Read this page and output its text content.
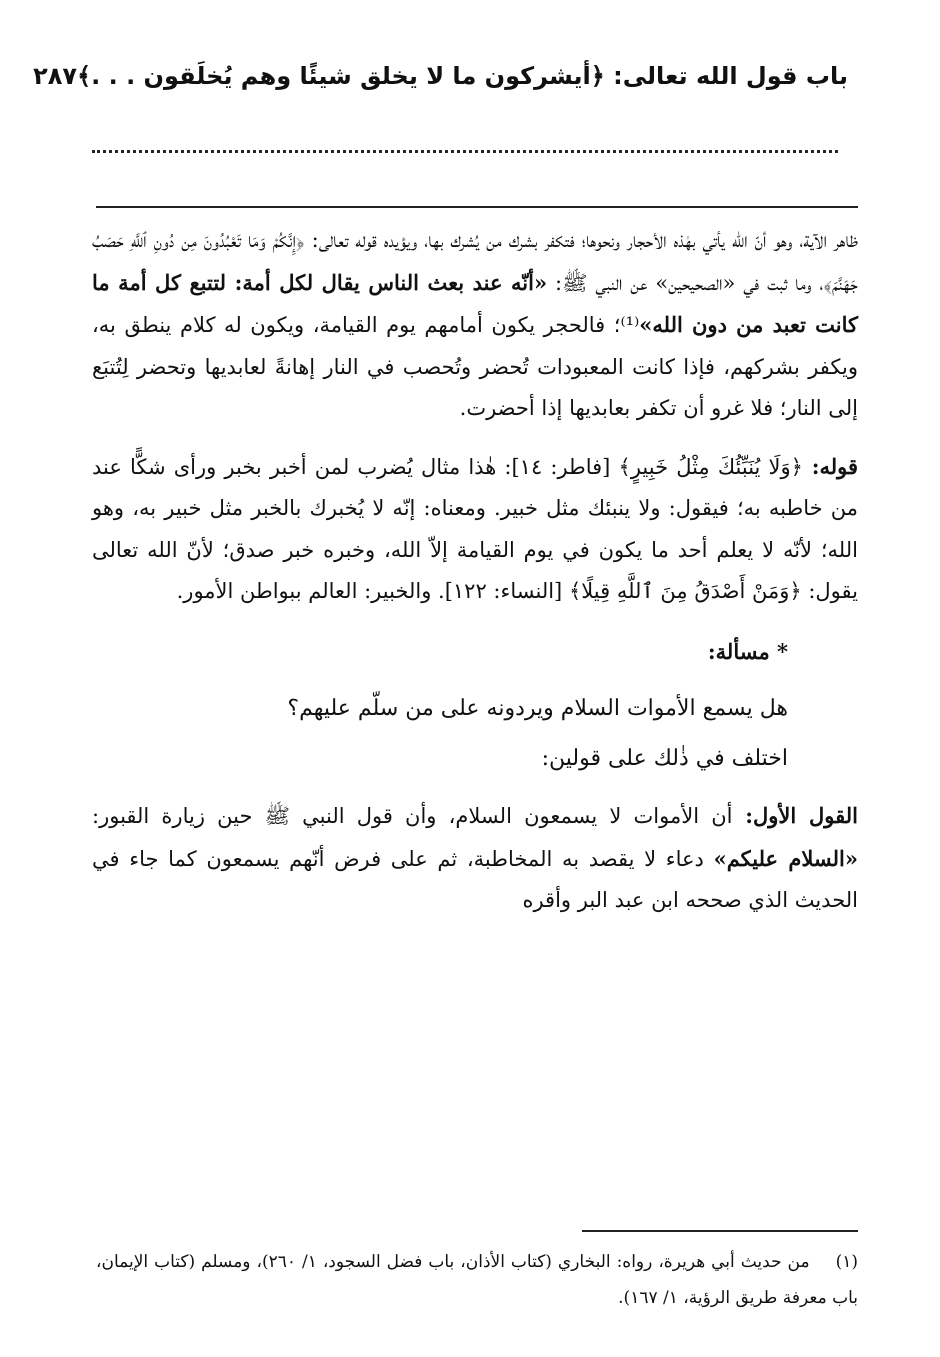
باب قول الله تعالى: ﴿أيشركون ما لا يخلق شيئًا وهم يُخلَقون . . .﴾
٢٨٧

ظاهر الآية، وهو أنّ الله يأتي بهٰذه الأحجار ونحوها؛ فتكفر بشرك من يُشرك بها، ويؤيده قوله تعالى: ﴿إِنَّكُمْ وَمَا تَعْبُدُونَ مِن دُونِ ٱللَّهِ حَصَبُ جَهَنَّمَ﴾، وما ثبت في «الصحيحين» عن النبي ﷺ: «أنّه عند بعث الناس يقال لكل أمة: لتتبع كل أمة ما كانت تعبد من دون الله»⁽¹⁾؛ فالحجر يكون أمامهم يوم القيامة، ويكون له كلام ينطق به، ويكفر بشركهم، فإذا كانت المعبودات تُحضر وتُحصب في النار إهانةً لعابديها وتحضر لِتُتبَع إلى النار؛ فلا غرو أن تكفر بعابديها إذا أحضرت.

قوله: ﴿وَلَا يُنَبِّئُكَ مِثْلُ خَبِيرٍ﴾ [فاطر: ١٤]: هٰذا مثال يُضرب لمن أخبر بخبر ورأى شكًّا عند من خاطبه به؛ فيقول: ولا ينبئك مثل خبير. ومعناه: إنّه لا يُخبرك بالخبر مثل خبير به، وهو الله؛ لأنّه لا يعلم أحد ما يكون في يوم القيامة إلاّ الله، وخبره خبر صدق؛ لأنّ الله تعالى يقول: ﴿وَمَنْ أَصْدَقُ مِنَ ٱللَّهِ قِيلًا﴾ [النساء: ١٢٢]. والخبير: العالم ببواطن الأمور.

* مسألة:

هل يسمع الأموات السلام ويردونه على من سلّم عليهم؟

اختلف في ذٰلك على قولين:

القول الأول: أن الأموات لا يسمعون السلام، وأن قول النبي ﷺ حين زيارة القبور: «السلام عليكم» دعاء لا يقصد به المخاطبة، ثم على فرض أنّهم يسمعون كما جاء في الحديث الذي صححه ابن عبد البر وأقره

(١)من حديث أبي هريرة، رواه: البخاري (كتاب الأذان، باب فضل السجود، ١/ ٢٦٠)، ومسلم (كتاب الإيمان، باب معرفة طريق الرؤية، ١/ ١٦٧).
